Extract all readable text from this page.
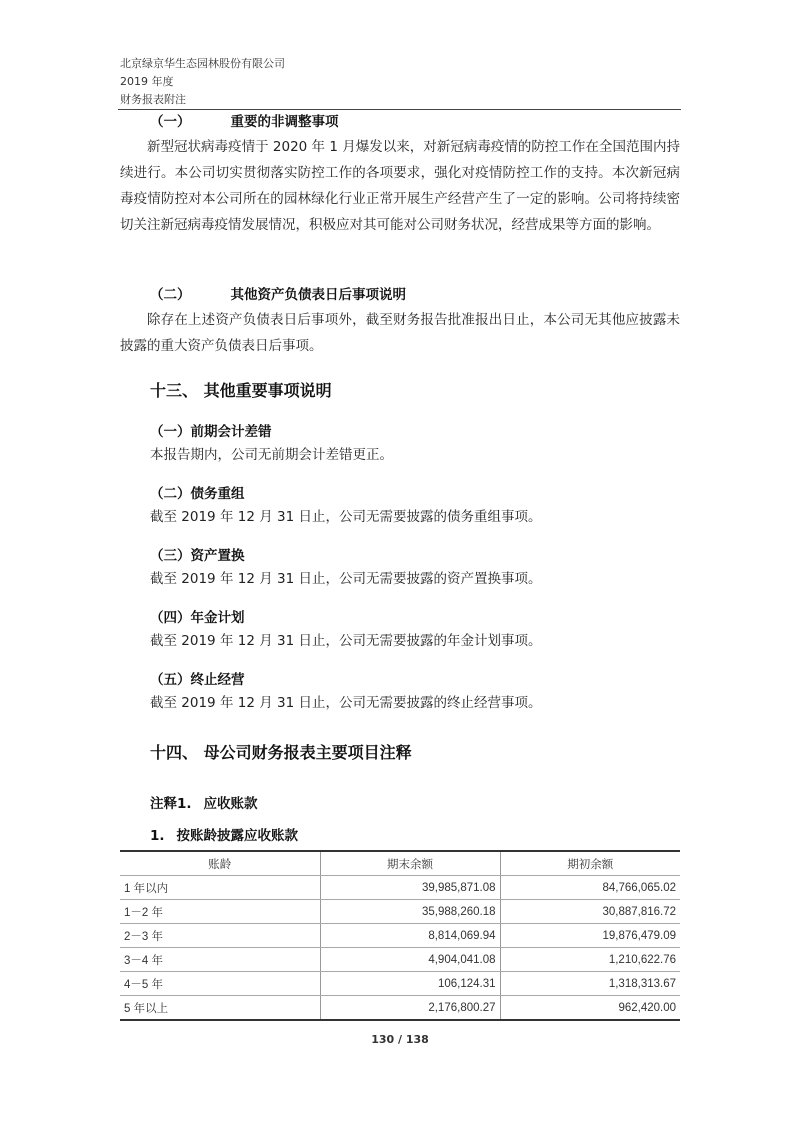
北京绿京华生态园林股份有限公司
2019 年度
财务报表附注
（一）	重要的非调整事项
新型冠状病毒疫情于 2020 年 1 月爆发以来，对新冠病毒疫情的防控工作在全国范围内持续进行。本公司切实贯彻落实防控工作的各项要求，强化对疫情防控工作的支持。本次新冠病毒疫情防控对本公司所在的园林绿化行业正常开展生产经营产生了一定的影响。公司将持续密切关注新冠病毒疫情发展情况，积极应对其可能对公司财务状况，经营成果等方面的影响。
（二）	其他资产负债表日后事项说明
除存在上述资产负债表日后事项外，截至财务报告批准报出日止，本公司无其他应披露未披露的重大资产负债表日后事项。
十三、 其他重要事项说明
（一）前期会计差错
本报告期内，公司无前期会计差错更正。
（二）债务重组
截至 2019 年 12 月 31 日止，公司无需要披露的债务重组事项。
（三）资产置换
截至 2019 年 12 月 31 日止，公司无需要披露的资产置换事项。
（四）年金计划
截至 2019 年 12 月 31 日止，公司无需要披露的年金计划事项。
（五）终止经营
截至 2019 年 12 月 31 日止，公司无需要披露的终止经营事项。
十四、 母公司财务报表主要项目注释
注释1. 应收账款
1. 按账龄披露应收账款
账龄	期末余额	期初余额
1 年以内	39,985,871.08	84,766,065.02
1－2 年	35,988,260.18	30,887,816.72
2－3 年	8,814,069.94	19,876,479.09
3－4 年	4,904,041.08	1,210,622.76
4－5 年	106,124.31	1,318,313.67
5 年以上	2,176,800.27	962,420.00
130 / 138
